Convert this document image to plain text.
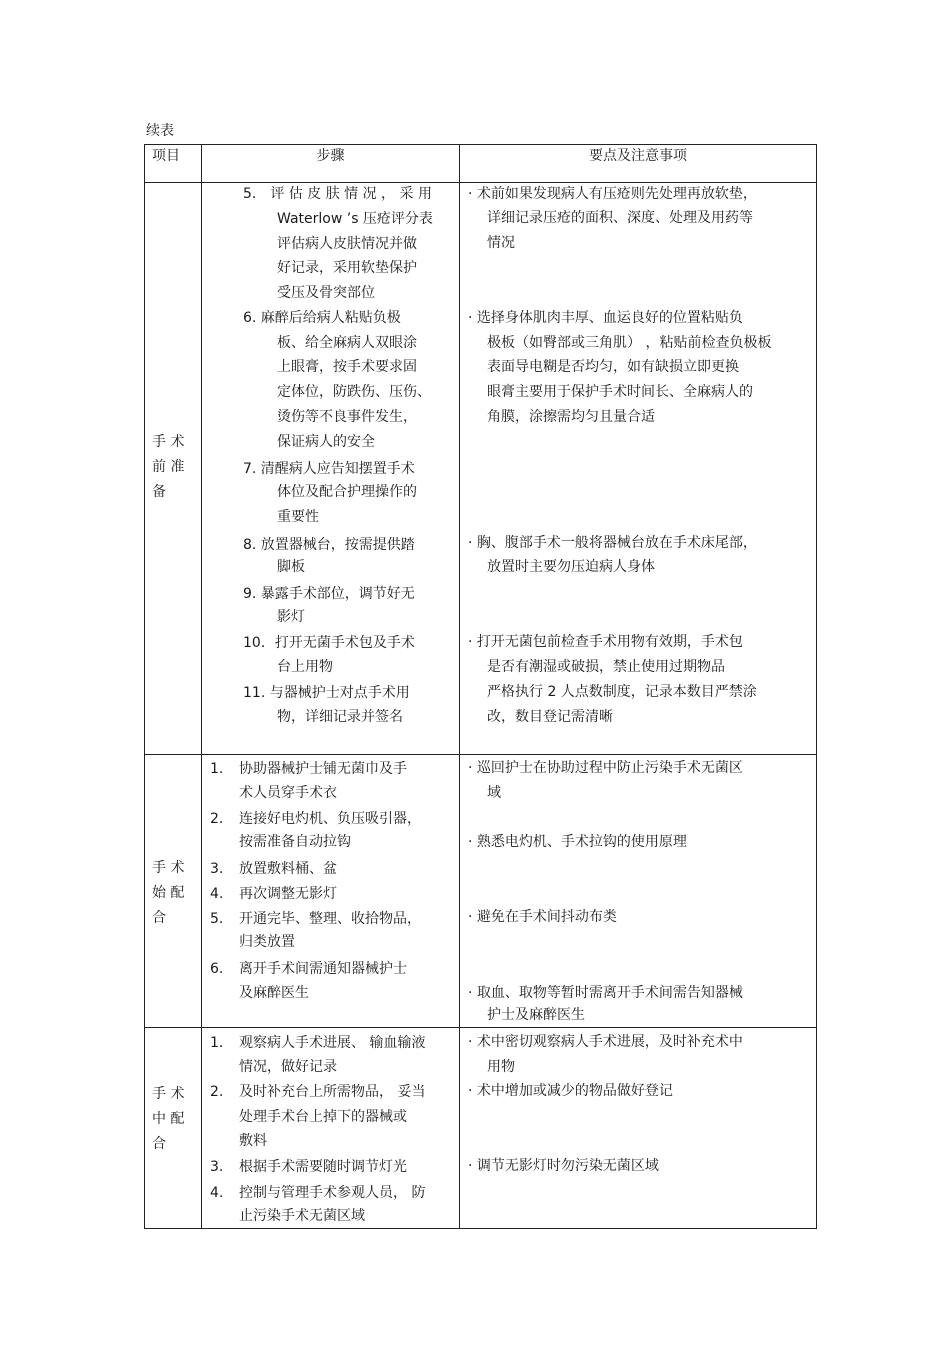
续表
项目	步骤	要点及注意事项
手 术
前 准
备
5． 评 估 皮 肤 情 况 ， 采 用
Waterlow ’s 压疮评分表
评估病人皮肤情况并做
好记录，采用软垫保护
受压及骨突部位
6. 麻醉后给病人粘贴负极
板、给全麻病人双眼涂
上眼膏，按手术要求固
定体位，防跌伤、压伤、
烫伤等不良事件发生，
保证病人的安全
7. 清醒病人应告知摆置手术
体位及配合护理操作的
重要性
8. 放置器械台，按需提供踏
脚板
9. 暴露手术部位，调节好无
影灯
10．打开无菌手术包及手术
台上用物
11. 与器械护士对点手术用
物，详细记录并签名
· 术前如果发现病人有压疮则先处理再放软垫，
详细记录压疮的面积、深度、处理及用药等
情况
· 选择身体肌肉丰厚、血运良好的位置粘贴负
极板（如臀部或三角肌） ，粘贴前检查负极板
表面导电糊是否均匀，如有缺损立即更换
眼膏主要用于保护手术时间长、全麻病人的
角膜，涂擦需均匀且量合适
· 胸、腹部手术一般将器械台放在手术床尾部，
放置时主要勿压迫病人身体
· 打开无菌包前检查手术用物有效期，手术包
是否有潮湿或破损，禁止使用过期物品
严格执行 2 人点数制度，记录本数目严禁涂
改，数目登记需清晰
手 术
始 配
合
1. 协助器械护士铺无菌巾及手
术人员穿手术衣
2. 连接好电灼机、负压吸引器，
按需准备自动拉钩
3. 放置敷料桶、盆
4. 再次调整无影灯
5. 开通完毕、整理、收拾物品，
归类放置
6. 离开手术间需通知器械护士
及麻醉医生
· 巡回护士在协助过程中防止污染手术无菌区
域
· 熟悉电灼机、手术拉钩的使用原理
· 避免在手术间抖动布类
· 取血、取物等暂时需离开手术间需告知器械
护士及麻醉医生
手 术
中 配
合
1. 观察病人手术进展、 输血输液
情况，做好记录
2. 及时补充台上所需物品， 妥当
处理手术台上掉下的器械或
敷料
3. 根据手术需要随时调节灯光
4. 控制与管理手术参观人员， 防
止污染手术无菌区域
· 术中密切观察病人手术进展，及时补充术中
用物
· 术中增加或减少的物品做好登记
· 调节无影灯时勿污染无菌区域
